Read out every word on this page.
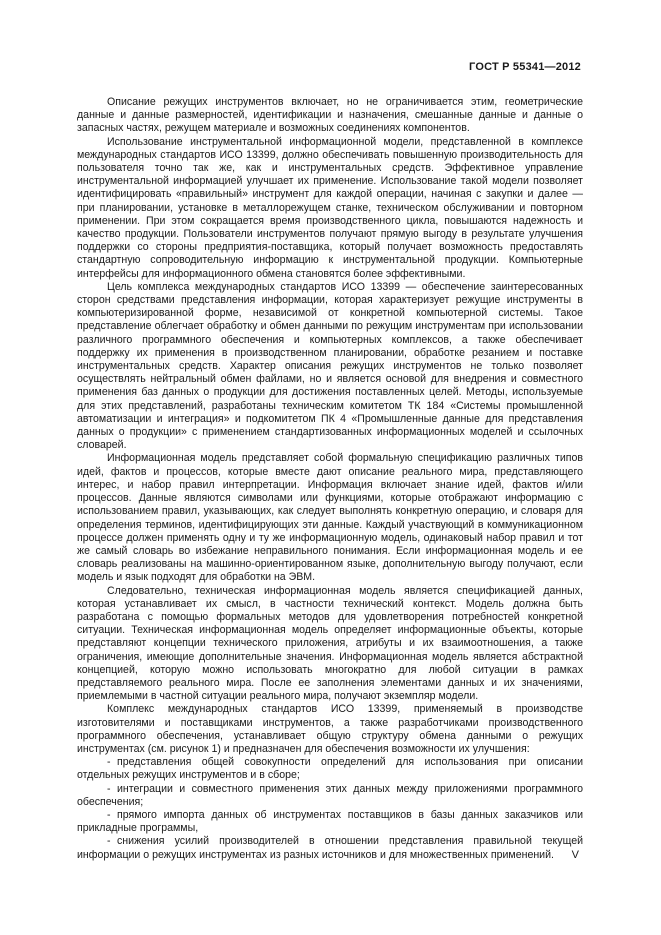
ГОСТ Р 55341—2012

Описание режущих инструментов включает, но не ограничивается этим, геометрические данные и данные размерностей, идентификации и назначения, смешанные данные и данные о запасных частях, режущем материале и возможных соединениях компонентов.

Использование инструментальной информационной модели, представленной в комплексе международных стандартов ИСО 13399, должно обеспечивать повышенную производительность для пользователя точно так же, как и инструментальных средств. Эффективное управление инструментальной информацией улучшает их применение. Использование такой модели позволяет идентифицировать «правильный» инструмент для каждой операции, начиная с закупки и далее — при планировании, установке в металлорежущем станке, техническом обслуживании и повторном применении. При этом сокращается время производственного цикла, повышаются надежность и качество продукции. Пользователи инструментов получают прямую выгоду в результате улучшения поддержки со стороны предприятия-поставщика, который получает возможность предоставлять стандартную сопроводительную информацию к инструментальной продукции. Компьютерные интерфейсы для информационного обмена становятся более эффективными.

Цель комплекса международных стандартов ИСО 13399 — обеспечение заинтересованных сторон средствами представления информации, которая характеризует режущие инструменты в компьютеризированной форме, независимой от конкретной компьютерной системы. Такое представление облегчает обработку и обмен данными по режущим инструментам при использовании различного программного обеспечения и компьютерных комплексов, а также обеспечивает поддержку их применения в производственном планировании, обработке резанием и поставке инструментальных средств. Характер описания режущих инструментов не только позволяет осуществлять нейтральный обмен файлами, но и является основой для внедрения и совместного применения баз данных о продукции для достижения поставленных целей. Методы, используемые для этих представлений, разработаны техническим комитетом ТК 184 «Системы промышленной автоматизации и интеграция» и подкомитетом ПК 4 «Промышленные данные для представления данных о продукции» с применением стандартизованных информационных моделей и ссылочных словарей.

Информационная модель представляет собой формальную спецификацию различных типов идей, фактов и процессов, которые вместе дают описание реального мира, представляющего интерес, и набор правил интерпретации. Информация включает знание идей, фактов и/или процессов. Данные являются символами или функциями, которые отображают информацию с использованием правил, указывающих, как следует выполнять конкретную операцию, и словаря для определения терминов, идентифицирующих эти данные. Каждый участвующий в коммуникационном процессе должен применять одну и ту же информационную модель, одинаковый набор правил и тот же самый словарь во избежание неправильного понимания. Если информационная модель и ее словарь реализованы на машинно-ориентированном языке, дополнительную выгоду получают, если модель и язык подходят для обработки на ЭВМ.

Следовательно, техническая информационная модель является спецификацией данных, которая устанавливает их смысл, в частности технический контекст. Модель должна быть разработана с помощью формальных методов для удовлетворения потребностей конкретной ситуации. Техническая информационная модель определяет информационные объекты, которые представляют концепции технического приложения, атрибуты и их взаимоотношения, а также ограничения, имеющие дополнительные значения. Информационная модель является абстрактной концепцией, которую можно использовать многократно для любой ситуации в рамках представляемого реального мира. После ее заполнения элементами данных и их значениями, приемлемыми в частной ситуации реального мира, получают экземпляр модели.

Комплекс международных стандартов ИСО 13399, применяемый в производстве изготовителями и поставщиками инструментов, а также разработчиками производственного программного обеспечения, устанавливает общую структуру обмена данными о режущих инструментах (см. рисунок 1) и предназначен для обеспечения возможности их улучшения:

- представления общей совокупности определений для использования при описании отдельных режущих инструментов и в сборе;
- интеграции и совместного применения этих данных между приложениями программного обеспечения;
- прямого импорта данных об инструментах поставщиков в базы данных заказчиков или прикладные программы,
- снижения усилий производителей в отношении представления правильной текущей информации о режущих инструментах из разных источников и для множественных применений.	V
